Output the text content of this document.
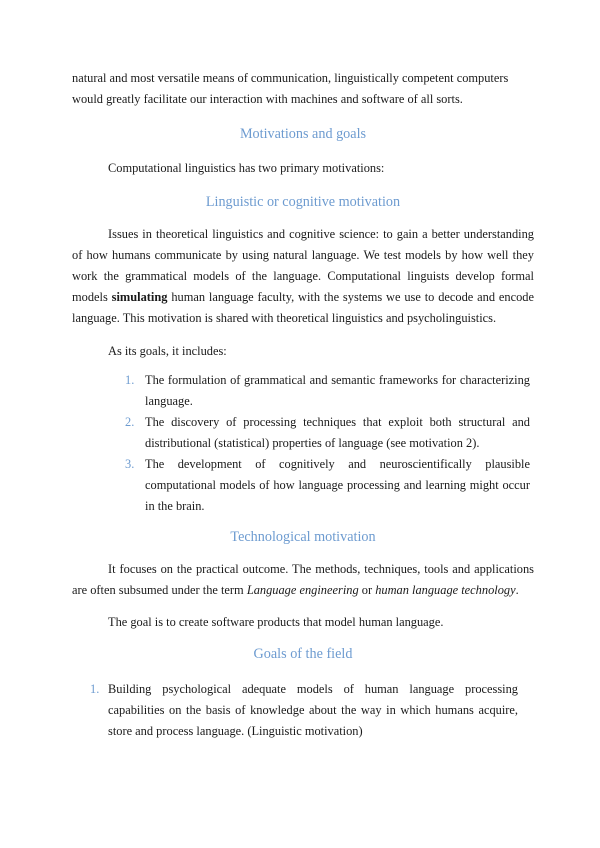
natural and most versatile means of communication, linguistically competent computers
would greatly facilitate our interaction with machines and software of all sorts.

Motivations and goals

Computational linguistics has two primary motivations:

Linguistic or cognitive motivation

Issues in theoretical linguistics and cognitive science: to gain a better understanding of how humans communicate by using natural language. We test models by how well they work the grammatical models of the language. Computational linguists develop formal models simulating human language faculty, with the systems we use to decode and encode language. This motivation is shared with theoretical linguistics and psycholinguistics.

As its goals, it includes:

1. The formulation of grammatical and semantic frameworks for characterizing language.
2. The discovery of processing techniques that exploit both structural and distributional (statistical) properties of language (see motivation 2).
3. The development of cognitively and neuroscientifically plausible computational models of how language processing and learning might occur in the brain.
Technological motivation

It focuses on the practical outcome. The methods, techniques, tools and applications are often subsumed under the term Language engineering or human language technology.

The goal is to create software products that model human language.

Goals of the field
1. Building psychological adequate models of human language processing capabilities on the basis of knowledge about the way in which humans acquire, store and process language. (Linguistic motivation)
